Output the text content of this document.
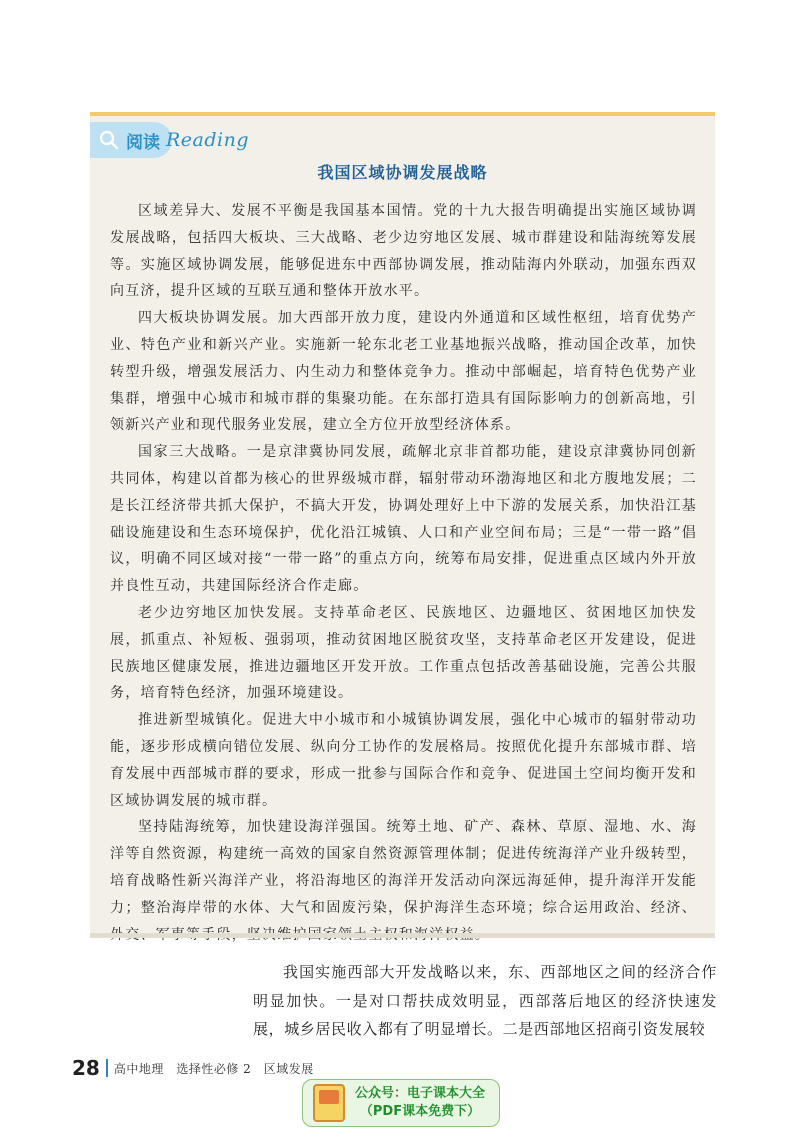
阅读 Reading
我国区域协调发展战略

区域差异大、发展不平衡是我国基本国情。党的十九大报告明确提出实施区域协调发展战略，包括四大板块、三大战略、老少边穷地区发展、城市群建设和陆海统筹发展等。实施区域协调发展，能够促进东中西部协调发展，推动陆海内外联动，加强东西双向互济，提升区域的互联互通和整体开放水平。

四大板块协调发展。加大西部开放力度，建设内外通道和区域性枢纽，培育优势产业、特色产业和新兴产业。实施新一轮东北老工业基地振兴战略，推动国企改革，加快转型升级，增强发展活力、内生动力和整体竞争力。推动中部崛起，培育特色优势产业集群，增强中心城市和城市群的集聚功能。在东部打造具有国际影响力的创新高地，引领新兴产业和现代服务业发展，建立全方位开放型经济体系。

国家三大战略。一是京津冀协同发展，疏解北京非首都功能，建设京津冀协同创新共同体，构建以首都为核心的世界级城市群，辐射带动环渤海地区和北方腹地发展；二是长江经济带共抓大保护，不搞大开发，协调处理好上中下游的发展关系，加快沿江基础设施建设和生态环境保护，优化沿江城镇、人口和产业空间布局；三是“一带一路”倡议，明确不同区域对接“一带一路”的重点方向，统筹布局安排，促进重点区域内外开放并良性互动，共建国际经济合作走廊。

老少边穷地区加快发展。支持革命老区、民族地区、边疆地区、贫困地区加快发展，抓重点、补短板、强弱项，推动贫困地区脱贫攻坚，支持革命老区开发建设，促进民族地区健康发展，推进边疆地区开发开放。工作重点包括改善基础设施，完善公共服务，培育特色经济，加强环境建设。

推进新型城镇化。促进大中小城市和小城镇协调发展，强化中心城市的辐射带动功能，逐步形成横向错位发展、纵向分工协作的发展格局。按照优化提升东部城市群、培育发展中西部城市群的要求，形成一批参与国际合作和竞争、促进国土空间均衡开发和区域协调发展的城市群。

坚持陆海统筹，加快建设海洋强国。统筹土地、矿产、森林、草原、湿地、水、海洋等自然资源，构建统一高效的国家自然资源管理体制；促进传统海洋产业升级转型，培育战略性新兴海洋产业，将沿海地区的海洋开发活动向深远海延伸，提升海洋开发能力；整治海岸带的水体、大气和固废污染，保护海洋生态环境；综合运用政治、经济、

我国实施西部大开发战略以来，东、西部地区之间的经济合作明显加快。一是对口帮扶成效明显，西部落后地区的经济快速发展，城乡居民收入都有了明显增长。二是西部地区招商引资发展较

28 高中地理　选择性必修 2　区域发展
公众号：电子课本大全
（PDF课本免费下）
